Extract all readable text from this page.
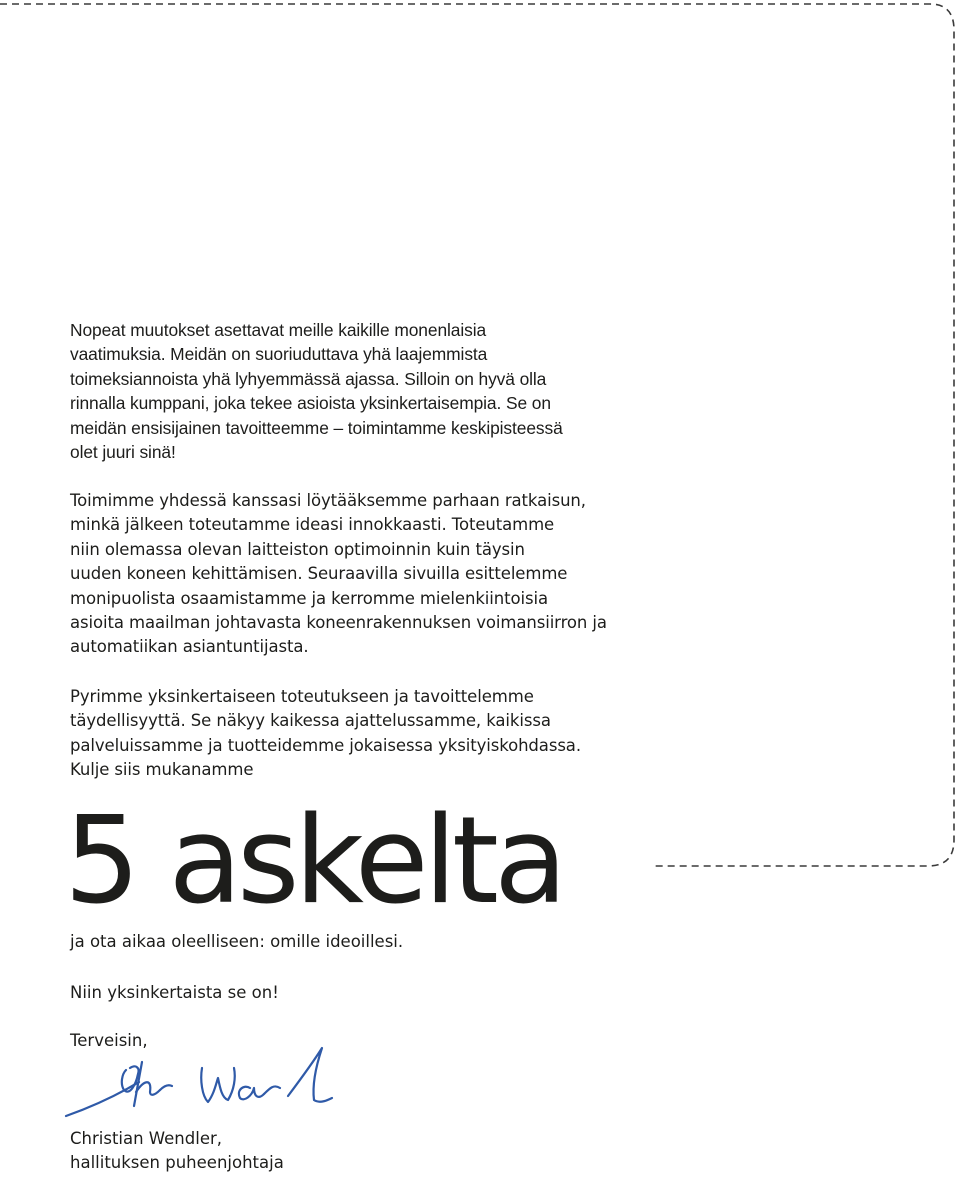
Nopeat muutokset asettavat meille kaikille monenlaisia
vaatimuksia. Meidän on suoriuduttava yhä laajemmista
toimeksiannoista yhä lyhyemmässä ajassa. Silloin on hyvä olla
rinnalla kumppani, joka tekee asioista yksinkertaisempia. Se on
meidän ensisijainen tavoitteemme – toimintamme keskipisteessä
olet juuri sinä!

Toimimme yhdessä kanssasi löytääksemme parhaan ratkaisun,
minkä jälkeen toteutamme ideasi innokkaasti. Toteutamme
niin olemassa olevan laitteiston optimoinnin kuin täysin
uuden koneen kehittämisen. Seuraavilla sivuilla esittelemme
monipuolista osaamistamme ja kerromme mielenkiintoisia
asioita maailman johtavasta koneenrakennuksen voimansiirron ja
automatiikan asiantuntijasta.

Pyrimme yksinkertaiseen toteutukseen ja tavoittelemme
täydellisyyttä. Se näkyy kaikessa ajattelussamme, kaikissa
palveluissamme ja tuotteidemme jokaisessa yksityiskohdassa.
Kulje siis mukanamme

5 askelta

ja ota aikaa oleelliseen: omille ideoillesi.

Niin yksinkertaista se on!

Terveisin,

Christian Wendler,

hallituksen puheenjohtaja
